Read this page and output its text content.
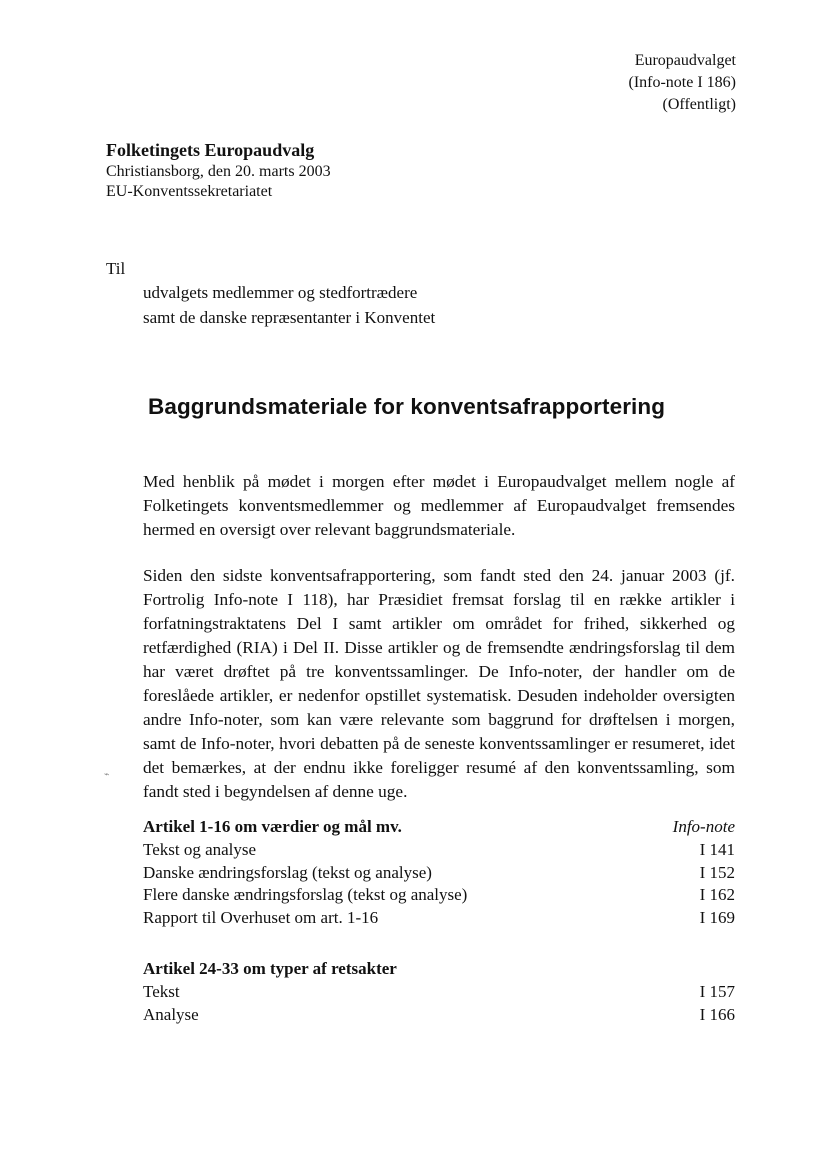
Europaudvalget
(Info-note I 186)
(Offentligt)
Folketingets Europaudvalg
Christiansborg, den 20. marts 2003
EU-Konventssekretariatet
Til
udvalgets medlemmer og stedfortrædere
samt de danske repræsentanter i Konventet
Baggrundsmateriale for konventsafrapportering
Med henblik på mødet i morgen efter mødet i Europaudvalget mellem nogle af Folketingets konventsmedlemmer og medlemmer af Europaudvalget fremsendes hermed en oversigt over relevant baggrundsmateriale.
Siden den sidste konventsafrapportering, som fandt sted den 24. januar 2003 (jf. Fortrolig Info-note I 118), har Præsidiet fremsat forslag til en række artikler i forfatningstraktatens Del I samt artikler om området for frihed, sikkerhed og retfærdighed (RIA) i Del II. Disse artikler og de fremsendte ændringsforslag til dem har været drøftet på tre konventssamlinger. De Info-noter, der handler om de foreslåede artikler, er nedenfor opstillet systematisk. Desuden indeholder oversigten andre Info-noter, som kan være relevante som baggrund for drøftelsen i morgen, samt de Info-noter, hvori debatten på de seneste konventssamlinger er resumeret, idet det bemærkes, at der endnu ikke foreligger resumé af den konventssamling, som fandt sted i begyndelsen af denne uge.
⌁
Artikel 1-16 om værdier og mål mv.	Info-note
Tekst og analyse	I 141
Danske ændringsforslag (tekst og analyse)	I 152
Flere danske ændringsforslag (tekst og analyse)	I 162
Rapport til Overhuset om art. 1-16	I 169
Artikel 24-33 om typer af retsakter
Tekst	I 157
Analyse	I 166
